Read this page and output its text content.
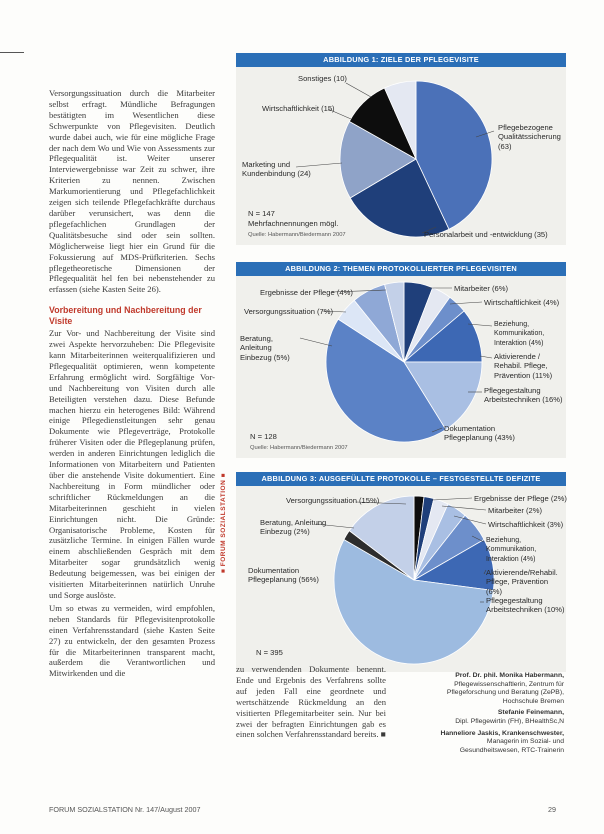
Versorgungssituation durch die Mitarbeiter selbst erfragt. Mündliche Befragungen bestätigten im Wesentlichen diese Schwerpunkte von Pflegevisiten. Deutlich wurde dabei auch, wie für eine mögliche Frage der nach dem Wo und Wie von Assessments zur Pflegequalität ist. Weiter unserer Interviewergebnisse war Zeit zu schwer, ihre Kriterien zu nennen. Zwischen Markumorientierung und Pflegefachlichkeit zeigen sich teilende Pflegefachkräfte durchaus darüber verunsichert, was denn die pflegefachlichen Grundlagen der Qualitätsbesuche sind oder sein sollten. Möglicherweise liegt hier ein Grund für die Fokussierung auf MDS-Prüfkriterien. Sechs pflegetheoretische Dimensionen der Pflegequalität hel fen bei nebenstehender zu erfassen (siehe Kasten Seite 26).

Vorbereitung und Nachbereitung der Visite

Zur Vor- und Nachbereitung der Visite sind zwei Aspekte hervorzuheben: Die Pflegevisite kann Mitarbeiterinnen weiterqualifizieren und Pflegequalität optimieren, wenn kompetente Erfahrung ermöglicht wird. Sorgfältige Vor- und Nachbereitung von Visiten durch alle Beteiligten verstehen dazu. Diese Befunde machen hierzu ein heterogenes Bild: Während einige Pflegedienstleitungen sehr genau Dokumente wie Pflegeverträge, Protokolle früherer Visiten oder die Pflegeplanung prüfen, werden in anderen Einrichtungen lediglich die Informationen von Mitarbeitern und Patienten über die anstehende Visite dokumentiert. Eine Nachbereitung in Form mündlicher oder schriftlicher Rückmeldungen an die Mitarbeiterinnen geschieht in vielen Einrichtungen nicht. Die Gründe: Organisatorische Probleme, Kosten für zusätzliche Termine. In einigen Fällen wurde einem abschließenden Gespräch mit dem Mitarbeiter sogar grundsätzlich wenig Bedeutung beigemessen, was bei einigen der visitierten Mitarbeiterinnen natürlich Unruhe und Sorge auslöste.

Um so etwas zu vermeiden, wird empfohlen, neben Standards für Pflegevisitenprotokolle einen Verfahrensstandard (siehe Kasten Seite 27) zu entwickeln, der den gesamten Prozess für die Mitarbeiterinnen transparent macht, außerdem die Verantwortlichen und Mitwirkenden und die

ABBILDUNG 1: ZIELE DER PFLEGEVISITE
Sonstiges (10)
Wirtschaftlichkeit (15)
Marketing und Kundenbindung (24)
Pflegebezogene Qualitätssicherung (63)
Personalarbeit und -entwicklung (35)
N = 147
Mehrfachnennungen mögl.
Quelle: Habermann/Biedermann 2007
ABBILDUNG 2: THEMEN PROTOKOLLIERTER PFLEGEVISITEN
Ergebnisse der Pflege (4%)
Versorgungssituation (7%)
Beratung, Anleitung Einbezug (5%)
Mitarbeiter (6%)
Wirtschaftlichkeit (4%)
Beziehung, Kommunikation, Interaktion (4%)
Aktivierende / Rehabil. Pflege, Prävention (11%)
Pflegegestaltung Arbeitstechniken (16%)
Dokumentation Pflegeplanung (43%)
N = 128
Quelle: Habermann/Biedermann 2007
ABBILDUNG 3: AUSGEFÜLLTE PROTOKOLLE – FESTGESTELLTE DEFIZITE
Versorgungssituation (15%)
Beratung, Anleitung Einbezug (2%)
Dokumentation Pflegeplanung (56%)
Ergebnisse der Pflege (2%)
Mitarbeiter (2%)
Wirtschaftlichkeit (3%)
Beziehung, Kommunikation, Interaktion (4%)
Aktivierende/Rehabil. Pflege, Prävention (6%)
Pflegegestaltung Arbeitstechniken (10%)
N = 395
■ FORUM SOZIALSTATION ■
zu verwendenden Dokumente benennt. Ende und Ergebnis des Verfahrens sollte auf jeden Fall eine geordnete und wertschätzende Rückmeldung an den visitierten Pflegemitarbeiter sein. Nur bei zwei der befragten Einrichtungen gab es einen solchen Verfahrensstandard bereits. ■
Prof. Dr. phil. Monika Habermann,
Pflegewissenschaftlerin, Zentrum für
Pflegeforschung und Beratung (ZePB),
Hochschule Bremen
Stefanie Feinemann,
Dipl. Pflegewirtin (FH), BHealthSc,N
Hanneliore Jaskis, Krankenschwester,
Managerin im Sozial- und
Gesundheitswesen, RTC-Trainerin
FORUM SOZIALSTATION Nr. 147/August 2007	29
